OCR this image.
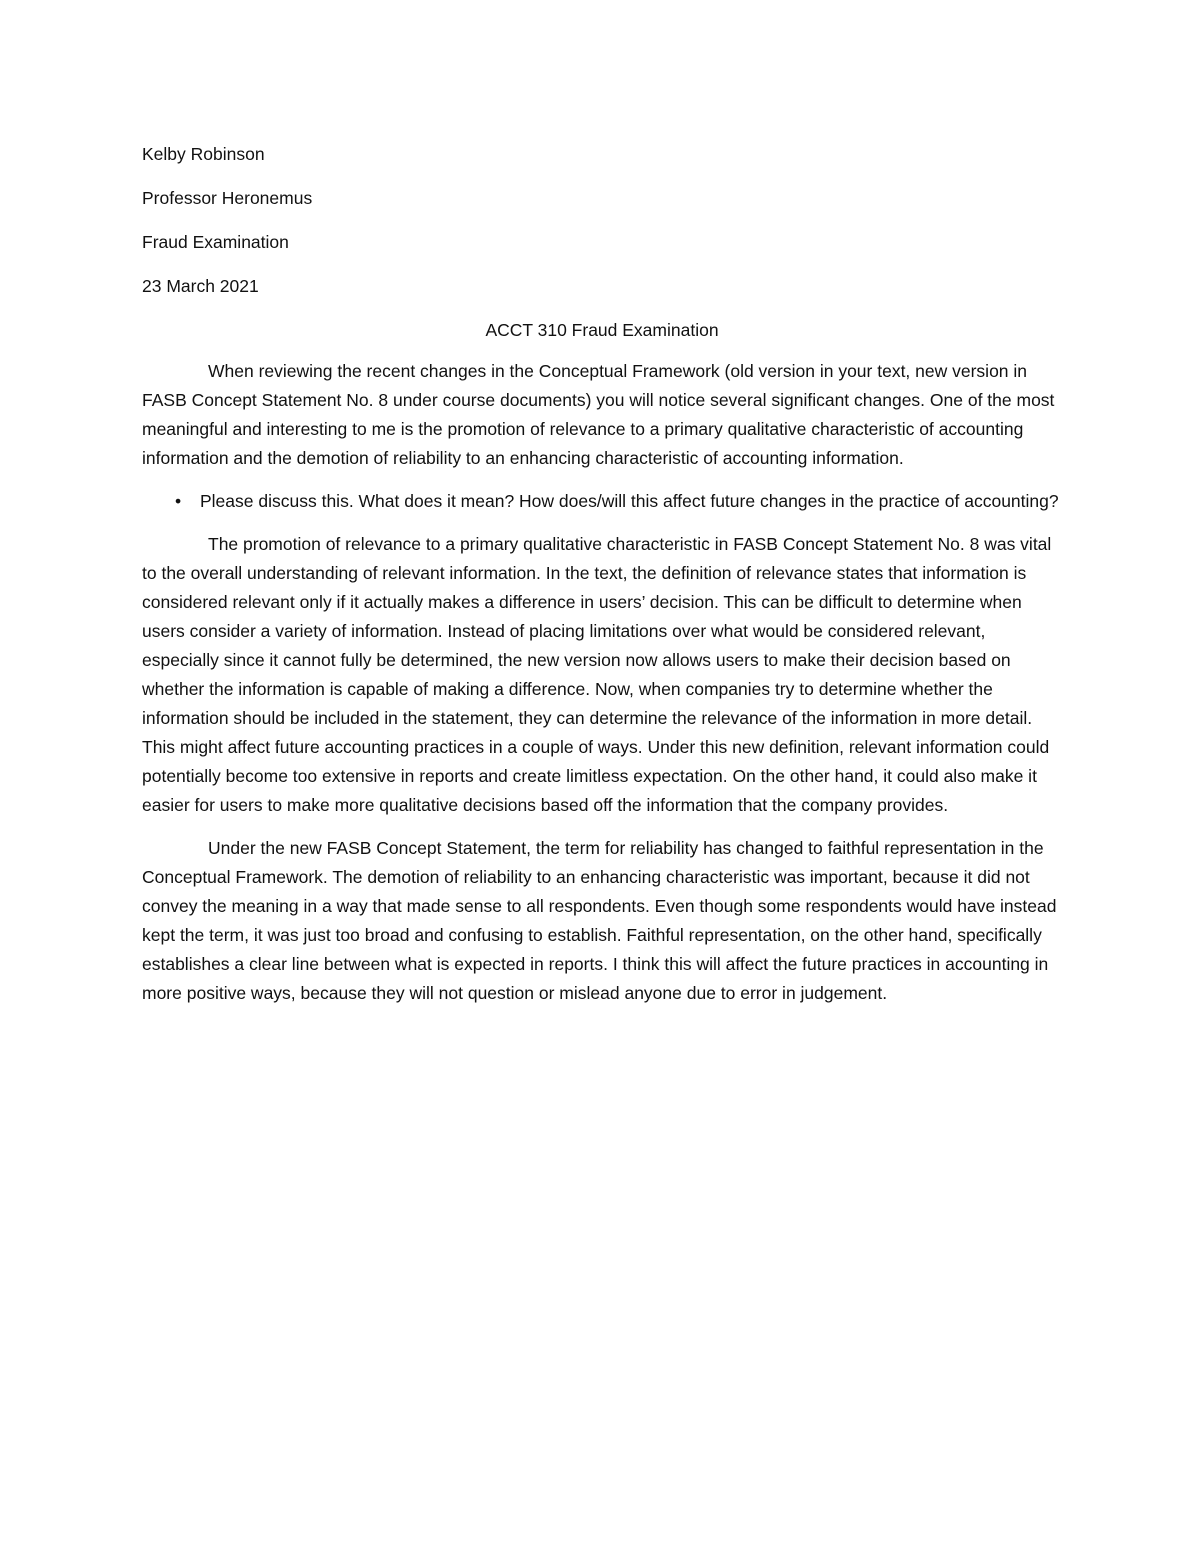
Kelby Robinson
Professor Heronemus
Fraud Examination
23 March 2021
ACCT 310 Fraud Examination

When reviewing the recent changes in the Conceptual Framework (old version in your text, new version in FASB Concept Statement No. 8 under course documents) you will notice several significant changes. One of the most meaningful and interesting to me is the promotion of relevance to a primary qualitative characteristic of accounting information and the demotion of reliability to an enhancing characteristic of accounting information.

• Please discuss this. What does it mean? How does/will this affect future changes in the practice of accounting?

The promotion of relevance to a primary qualitative characteristic in FASB Concept Statement No. 8 was vital to the overall understanding of relevant information. In the text, the definition of relevance states that information is considered relevant only if it actually makes a difference in users’ decision. This can be difficult to determine when users consider a variety of information. Instead of placing limitations over what would be considered relevant, especially since it cannot fully be determined, the new version now allows users to make their decision based on whether the information is capable of making a difference. Now, when companies try to determine whether the information should be included in the statement, they can determine the relevance of the information in more detail. This might affect future accounting practices in a couple of ways. Under this new definition, relevant information could potentially become too extensive in reports and create limitless expectation. On the other hand, it could also make it easier for users to make more qualitative decisions based off the information that the company provides.

Under the new FASB Concept Statement, the term for reliability has changed to faithful representation in the Conceptual Framework. The demotion of reliability to an enhancing characteristic was important, because it did not convey the meaning in a way that made sense to all respondents. Even though some respondents would have instead kept the term, it was just too broad and confusing to establish. Faithful representation, on the other hand, specifically establishes a clear line between what is expected in reports. I think this will affect the future practices in accounting in more positive ways, because they will not question or mislead anyone due to error in judgement.
